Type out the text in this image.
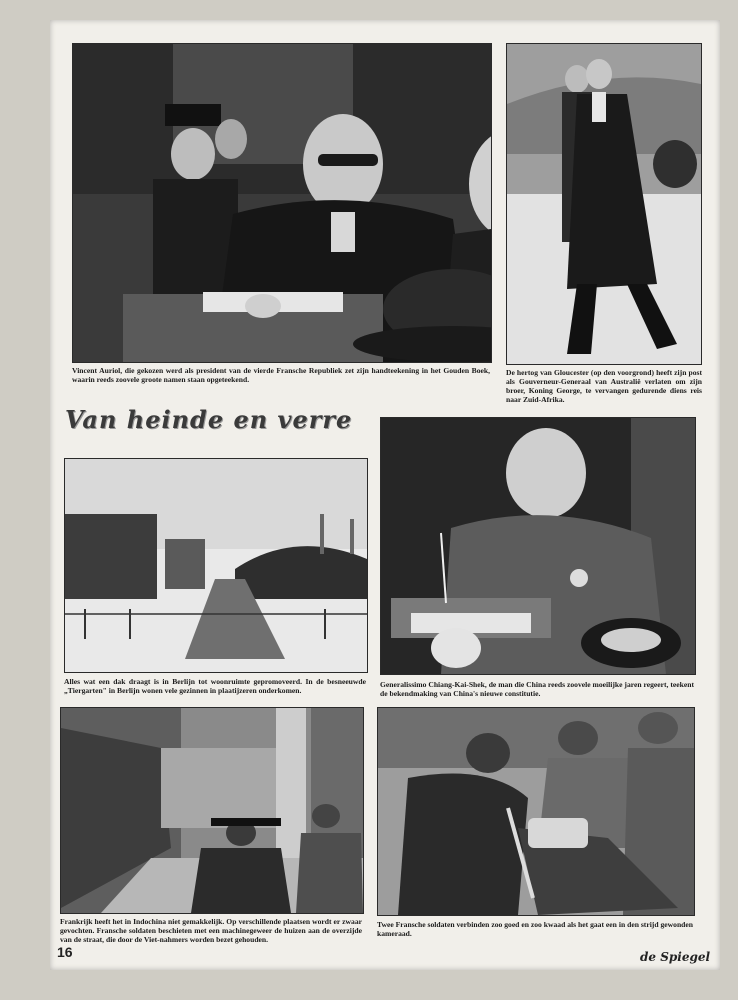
Vincent Auriol, die gekozen werd als president van de vierde Fransche Republiek zet zijn handteekening in het Gouden Boek, waarin reeds zoovele groote namen staan opgeteekend.
De hertog van Gloucester (op den voorgrond) heeft zijn post als Gouverneur-Generaal van Australië verlaten om zijn broer, Koning George, te vervangen gedurende diens reis naar Zuid-Afrika.
Van heinde en verre
Alles wat een dak draagt is in Berlijn tot woonruimte gepromoveerd. In de besneeuwde „Tiergarten" in Berlijn wonen vele gezinnen in plaatijzeren onderkomen.
Generalissimo Chiang-Kai-Shek, de man die China reeds zoovele moeilijke jaren regeert, teekent de bekendmaking van China's nieuwe constitutie.
Frankrijk heeft het in Indochina niet gemakkelijk. Op verschillende plaatsen wordt er zwaar gevochten. Fransche soldaten beschieten met een machinegeweer de huizen aan de overzijde van de straat, die door de Viet-nahmers worden bezet gehouden.
Twee Fransche soldaten verbinden zoo goed en zoo kwaad als het gaat een in den strijd gewonden kameraad.
16	de Spiegel
